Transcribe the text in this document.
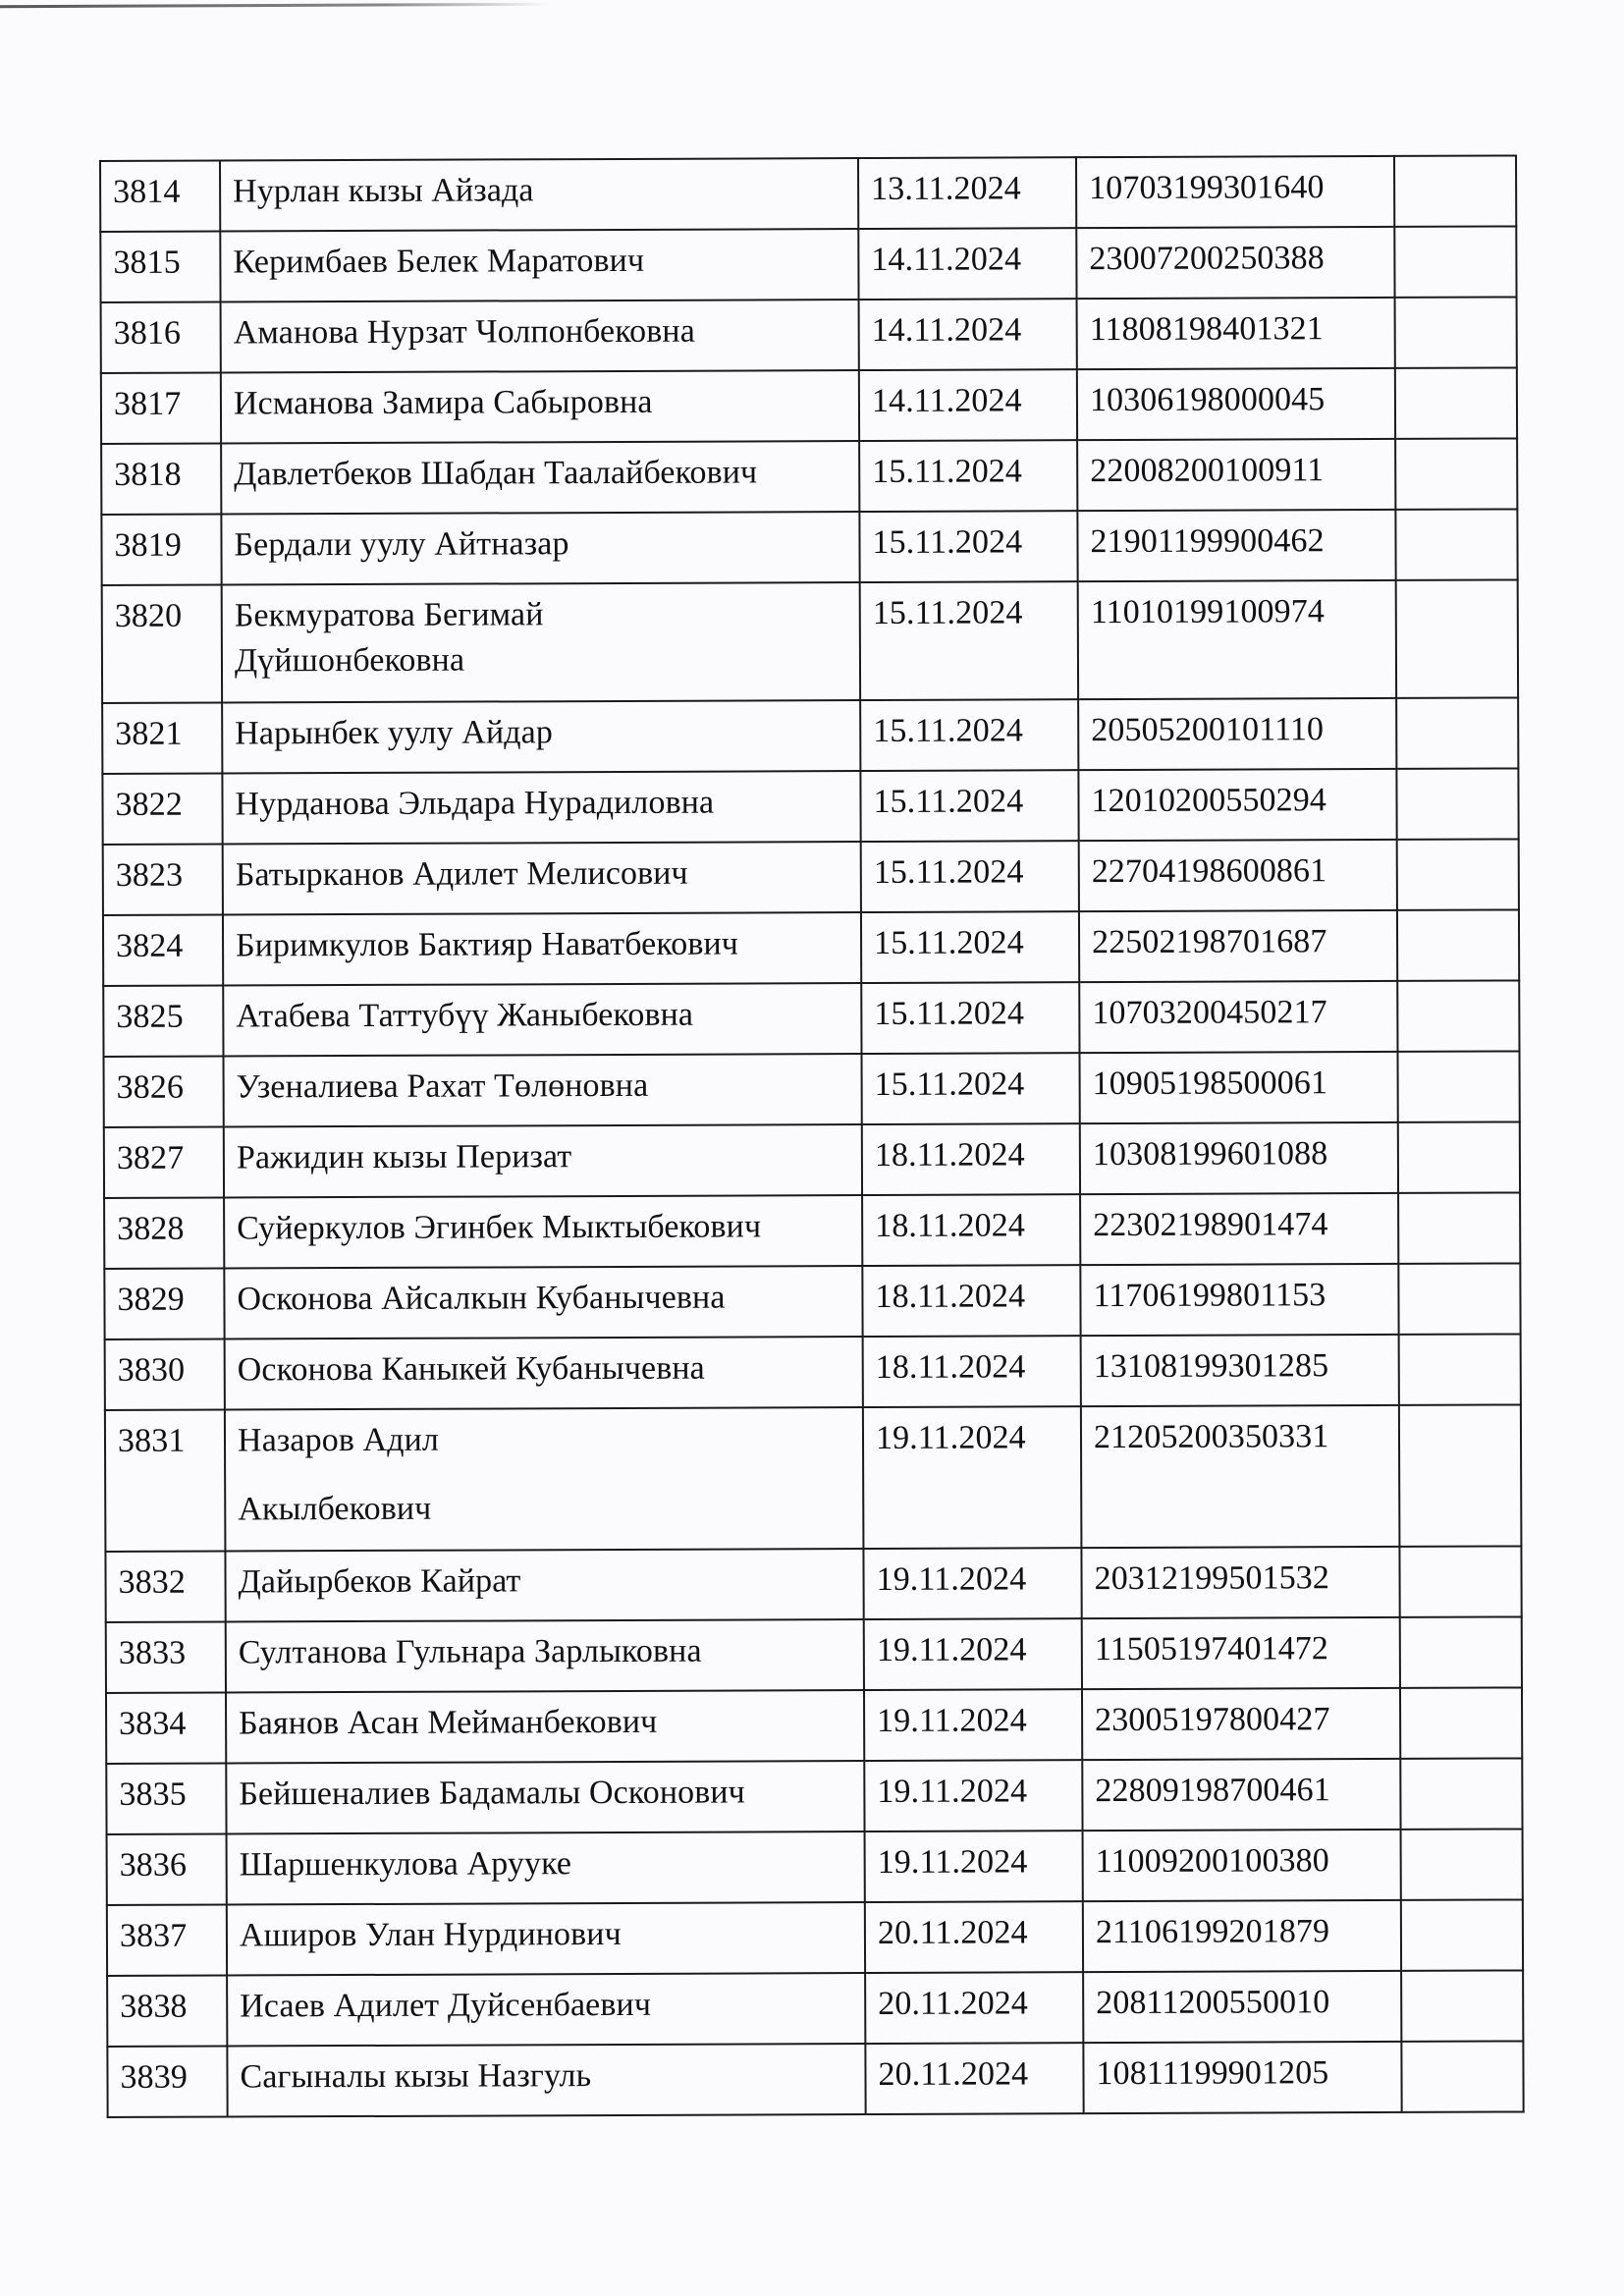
3814	Нурлан кызы Айзада	13.11.2024	10703199301640	
3815	Керимбаев Белек Маратович	14.11.2024	23007200250388	
3816	Аманова Нурзат Чолпонбековна	14.11.2024	11808198401321	
3817	Исманова Замира Сабыровна	14.11.2024	10306198000045	
3818	Давлетбеков Шабдан Таалайбекович	15.11.2024	22008200100911	
3819	Бердали уулу Айтназар	15.11.2024	21901199900462	
3820	Бекмуратова Бегимай
Дүйшонбековна	15.11.2024	11010199100974	
3821	Нарынбек уулу Айдар	15.11.2024	20505200101110	
3822	Нурданова Эльдара Нурадиловна	15.11.2024	12010200550294	
3823	Батырканов Адилет Мелисович	15.11.2024	22704198600861	
3824	Биримкулов Бактияр Наватбекович	15.11.2024	22502198701687	
3825	Атабева Таттубүү Жаныбековна	15.11.2024	10703200450217	
3826	Узеналиева Рахат Төлөновна	15.11.2024	10905198500061	
3827	Ражидин кызы Перизат	18.11.2024	10308199601088	
3828	Суйеркулов Эгинбек Мыктыбекович	18.11.2024	22302198901474	
3829	Осконова Айсалкын Кубанычевна	18.11.2024	11706199801153	
3830	Осконова Каныкей Кубанычевна	18.11.2024	13108199301285	
3831	Назаров Адил
Акылбекович	19.11.2024	21205200350331	
3832	Дайырбеков Кайрат	19.11.2024	20312199501532	
3833	Султанова Гульнара Зарлыковна	19.11.2024	11505197401472	
3834	Баянов Асан Мейманбекович	19.11.2024	23005197800427	
3835	Бейшеналиев Бадамалы Осконович	19.11.2024	22809198700461	
3836	Шаршенкулова Арууке	19.11.2024	11009200100380	
3837	Аширов Улан Нурдинович	20.11.2024	21106199201879	
3838	Исаев Адилет Дуйсенбаевич	20.11.2024	20811200550010	
3839	Сагыналы кызы Назгуль	20.11.2024	10811199901205	
